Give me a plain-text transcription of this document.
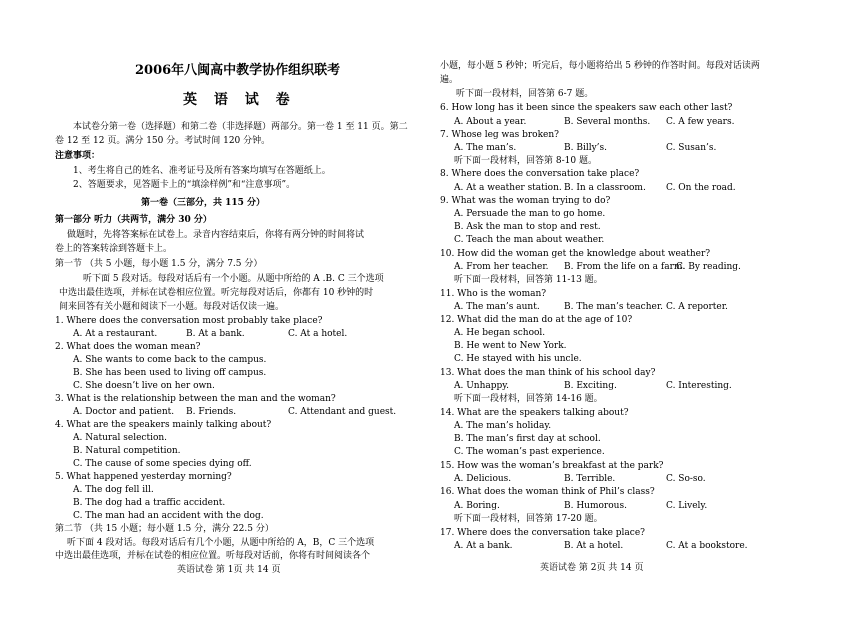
2006年八闽高中教学协作组织联考
英 语 试 卷
本试卷分第一卷（选择题）和第二卷（非选择题）两部分。第一卷 1 至 11 页。第二
卷 12 至 12 页。满分 150 分。考试时间 120 分钟。
注意事项：
1、考生将自己的姓名、准考证号及所有答案均填写在答题纸上。
2、答题要求，见答题卡上的“填涂样例”和“注意事项”。
第一卷（三部分，共 115 分）
第一部分 听力（共两节，满分 30 分）
做题时，先将答案标在试卷上。录音内容结束后，你将有两分钟的时间将试
卷上的答案转涂到答题卡上。
第一节 （共 5 小题，每小题 1.5 分，满分 7.5 分）
听下面 5 段对话。每段对话后有一个小题。从题中所给的 A .B. C 三个选项
中选出最佳选项，并标在试卷相应位置。听完每段对话后，你都有 10 秒钟的时
间来回答有关小题和阅读下一小题。每段对话仅读一遍。
1. Where does the conversation most probably take place?
A. At a restaurant.	B. At a bank.	C. At a hotel.
2. What does the woman mean?
A. She wants to come back to the campus.
B. She has been used to living off campus.
C. She doesn’t live on her own.
3. What is the relationship between the man and the woman?
A. Doctor and patient. B. Friends.	C. Attendant and guest.
4. What are the speakers mainly talking about?
A. Natural selection.
B. Natural competition.
C. The cause of some species dying off.
5. What happened yesterday morning?
A. The dog fell ill.
B. The dog had a traffic accident.
C. The man had an accident with the dog.
第二节 （共 15 小题；每小题 1.5 分，满分 22.5 分）
听下面 4 段对话。每段对话后有几个小题，从题中所给的 A，B，C 三个选项
中选出最佳选项，并标在试卷的相应位置。听每段对话前，你将有时间阅读各个
英语试卷 第 1页 共 14 页
小题，每小题 5 秒钟；听完后，每小题将给出 5 秒钟的作答时间。每段对话读两
遍。
听下面一段材料，回答第 6-7 题。
6. How long has it been since the speakers saw each other last?
A. About a year.	B. Several months. C. A few years.
7. Whose leg was broken?
A. The man’s.	B. Billy’s.	C. Susan’s.
听下面一段材料，回答第 8-10 题。
8. Where does the conversation take place?
A. At a weather station. B. In a classroom. C. On the road.
9. What was the woman trying to do?
A. Persuade the man to go home.
B. Ask the man to stop and rest.
C. Teach the man about weather.
10. How did the woman get the knowledge about weather?
A. From her teacher. B. From the life on a farm.
C. By reading.
听下面一段材料，回答第 11-13 题。
11. Who is the woman?
A. The man’s aunt.	B. The man’s teacher. C. A reporter.
12. What did the man do at the age of 10?
A. He began school.
B. He went to New York.
C. He stayed with his uncle.
13. What does the man think of his school day?
A. Unhappy.	B. Exciting.	C. Interesting.
听下面一段材料，回答第 14-16 题。
14. What are the speakers talking about?
A. The man’s holiday.
B. The man’s first day at school.
C. The woman’s past experience.
15. How was the woman’s breakfast at the park?
A. Delicious.	B. Terrible.	C. So-so.
16. What does the woman think of Phil’s class?
A. Boring.	B. Humorous.	C. Lively.
听下面一段材料，回答第 17-20 题。
17. Where does the conversation take place?
A. At a bank.	B. At a hotel.	C. At a bookstore.
英语试卷 第 2页 共 14 页
